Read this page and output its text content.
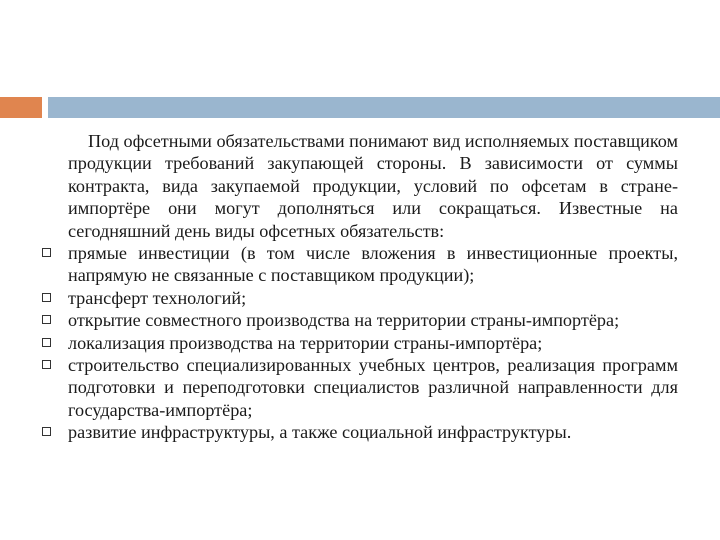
Под офсетными обязательствами понимают вид исполняемых поставщиком продукции требований закупающей стороны. В зависимости от суммы контракта, вида закупаемой продукции, условий по офсетам в стране-импортёре они могут дополняться или сокращаться. Известные на сегодняшний день виды офсетных обязательств:

прямые инвестиции (в том числе вложения в инвестиционные проекты, напрямую не связанные с поставщиком продукции);
трансферт технологий;
открытие совместного производства на территории страны-импортёра;
локализация производства на территории страны-импортёра;
строительство специализированных учебных центров, реализация программ подготовки и переподготовки специалистов различной направленности для государства-импортёра;
развитие инфраструктуры, а также социальной инфраструктуры.
